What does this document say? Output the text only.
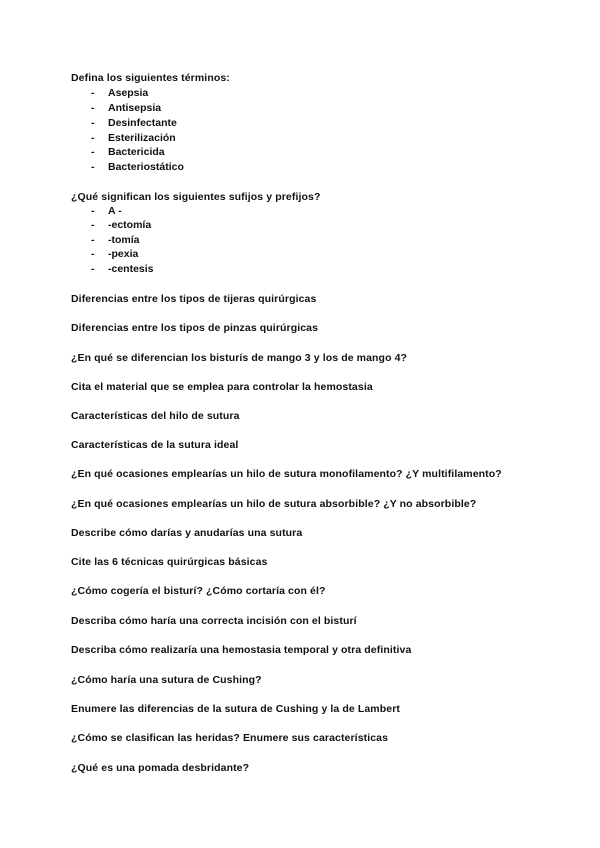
Defina los siguientes términos:
- Asepsia
- Antisepsia
- Desinfectante
- Esterilización
- Bactericida
- Bacteriostático
¿Qué significan los siguientes sufijos y prefijos?
- A -
- -ectomía
- -tomía
- -pexia
- -centesis
Diferencias entre los tipos de tijeras quirúrgicas
Diferencias entre los tipos de pinzas quirúrgicas
¿En qué se diferencian los bisturís de mango 3 y los de mango 4?
Cita el material que se emplea para controlar la hemostasia
Características del hilo de sutura
Características de la sutura ideal
¿En qué ocasiones emplearías un hilo de sutura monofilamento? ¿Y multifilamento?
¿En qué ocasiones emplearías un hilo de sutura absorbible? ¿Y no absorbible?
Describe cómo darías y anudarías una sutura
Cite las 6 técnicas quirúrgicas básicas
¿Cómo cogería el bisturí? ¿Cómo cortaría con él?
Describa cómo haría una correcta incisión con el bisturí
Describa cómo realizaría una hemostasia temporal y otra definitiva
¿Cómo haría una sutura de Cushing?
Enumere las diferencias de la sutura de Cushing y la de Lambert
¿Cómo se clasifican las heridas? Enumere sus características
¿Qué es una pomada desbridante?
